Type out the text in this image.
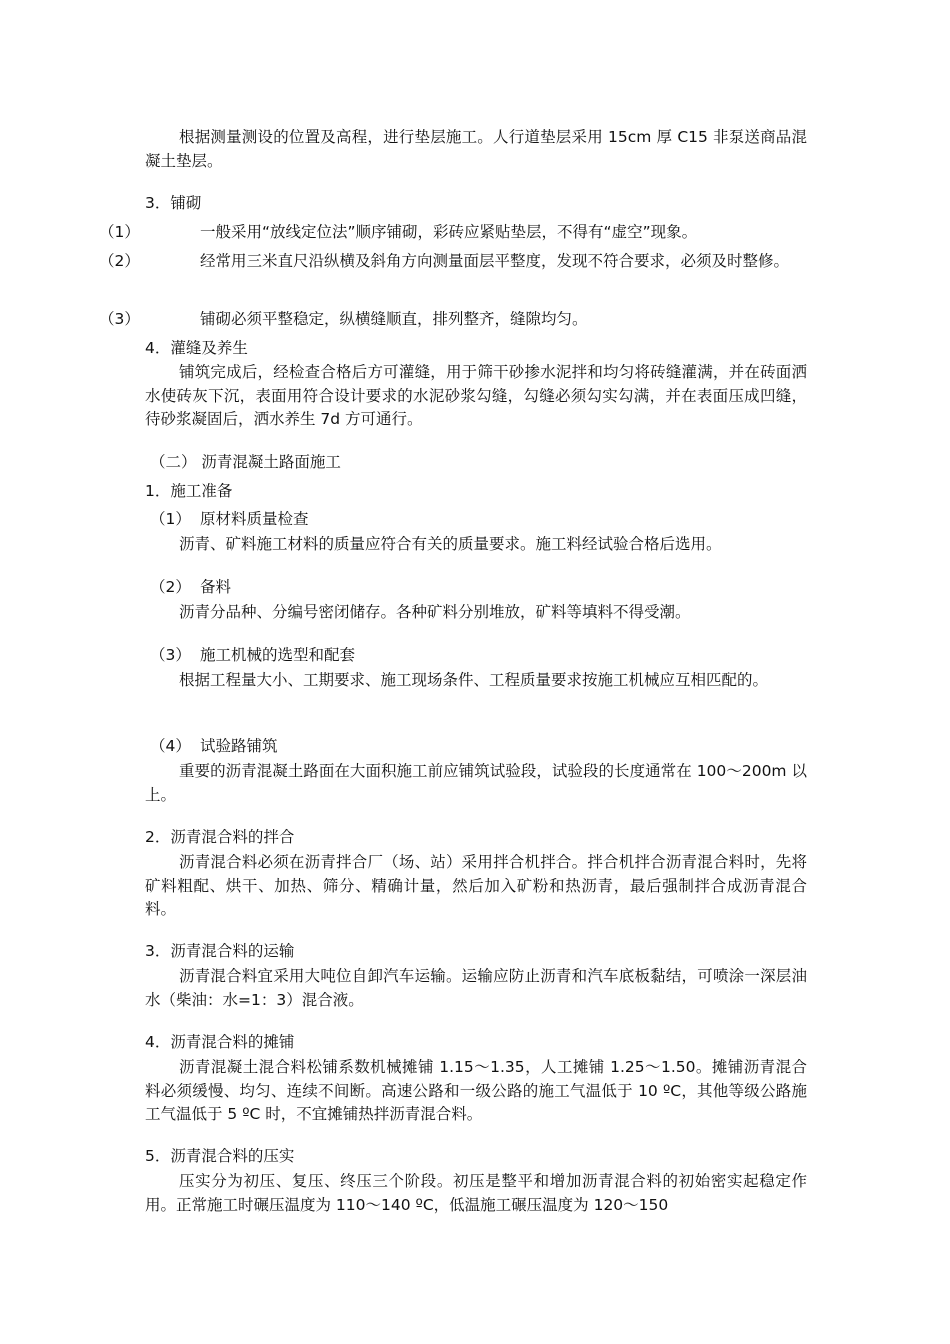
根据测量测设的位置及高程，进行垫层施工。人行道垫层采用 15cm 厚 C15 非泵送商品混凝土垫层。

3．铺砌

（1）	一般采用“放线定位法”顺序铺砌，彩砖应紧贴垫层，不得有“虚空”现象。

（2）	经常用三米直尺沿纵横及斜角方向测量面层平整度，发现不符合要求，必须及时整修。

（3）	铺砌必须平整稳定，纵横缝顺直，排列整齐，缝隙均匀。

4．灌缝及养生

铺筑完成后，经检查合格后方可灌缝，用于筛干砂掺水泥拌和均匀将砖缝灌满，并在砖面洒水使砖灰下沉，表面用符合设计要求的水泥砂浆勾缝，勾缝必须勾实勾满，并在表面压成凹缝，待砂浆凝固后，洒水养生 7d 方可通行。

（二） 沥青混凝土路面施工

1．施工准备

（1） 原材料质量检查

沥青、矿料施工材料的质量应符合有关的质量要求。施工料经试验合格后选用。

（2） 备料

沥青分品种、分编号密闭储存。各种矿料分别堆放，矿料等填料不得受潮。

（3） 施工机械的选型和配套

根据工程量大小、工期要求、施工现场条件、工程质量要求按施工机械应互相匹配的。

（4） 试验路铺筑

重要的沥青混凝土路面在大面积施工前应铺筑试验段，试验段的长度通常在 100～200m 以上。

2．沥青混合料的拌合

沥青混合料必须在沥青拌合厂（场、站）采用拌合机拌合。拌合机拌合沥青混合料时，先将矿料粗配、烘干、加热、筛分、精确计量，然后加入矿粉和热沥青，最后强制拌合成沥青混合料。

3．沥青混合料的运输

沥青混合料宜采用大吨位自卸汽车运输。运输应防止沥青和汽车底板黏结，可喷涂一深层油水（柴油：水=1：3）混合液。

4．沥青混合料的摊铺

沥青混凝土混合料松铺系数机械摊铺 1.15～1.35，人工摊铺 1.25～1.50。摊铺沥青混合料必须缓慢、均匀、连续不间断。高速公路和一级公路的施工气温低于 10 ºC，其他等级公路施工气温低于 5 ºC 时，不宜摊铺热拌沥青混合料。

5．沥青混合料的压实

压实分为初压、复压、终压三个阶段。初压是整平和增加沥青混合料的初始密实起稳定作用。正常施工时碾压温度为 110～140 ºC，低温施工碾压温度为 120～150
